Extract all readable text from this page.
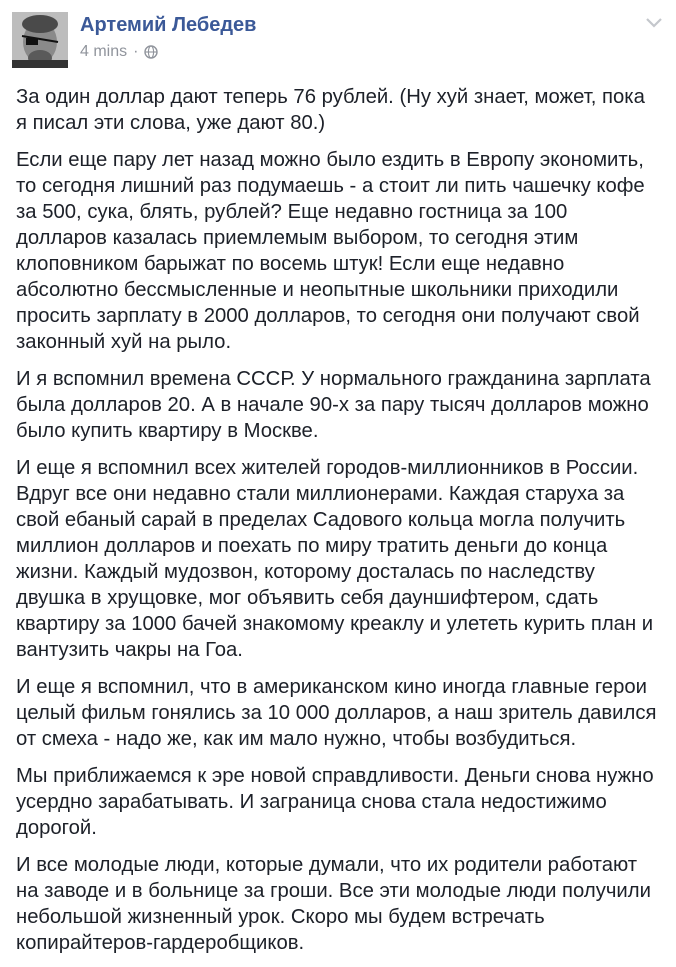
Артемий Лебедев
4 mins ·

За один доллар дают теперь 76 рублей. (Ну хуй знает, может, пока я писал эти слова, уже дают 80.)

Если еще пару лет назад можно было ездить в Европу экономить, то сегодня лишний раз подумаешь - а стоит ли пить чашечку кофе за 500, сука, блять, рублей? Еще недавно гостница за 100 долларов казалась приемлемым выбором, то сегодня этим клоповником барыжат по восемь штук! Если еще недавно абсолютно бессмысленные и неопытные школьники приходили просить зарплату в 2000 долларов, то сегодня они получают свой законный хуй на рыло.

И я вспомнил времена СССР. У нормального гражданина зарплата была долларов 20. А в начале 90-х за пару тысяч долларов можно было купить квартиру в Москве.

И еще я вспомнил всех жителей городов-миллионников в России. Вдруг все они недавно стали миллионерами. Каждая старуха за свой ебаный сарай в пределах Садового кольца могла получить миллион долларов и поехать по миру тратить деньги до конца жизни. Каждый мудозвон, которому досталась по наследству двушка в хрущовке, мог объявить себя дауншифтером, сдать квартиру за 1000 бачей знакомому креаклу и улететь курить план и вантузить чакры на Гоа.

И еще я вспомнил, что в американском кино иногда главные герои целый фильм гонялись за 10 000 долларов, а наш зритель давился от смеха - надо же, как им мало нужно, чтобы возбудиться.

Мы приближаемся к эре новой справдливости. Деньги снова нужно усердно зарабатывать. И заграница снова стала недостижимо дорогой.

И все молодые люди, которые думали, что их родители работают на заводе и в больнице за гроши. Все эти молодые люди получили небольшой жизненный урок. Скоро мы будем встречать копирайтеров-гардеробщиков.
